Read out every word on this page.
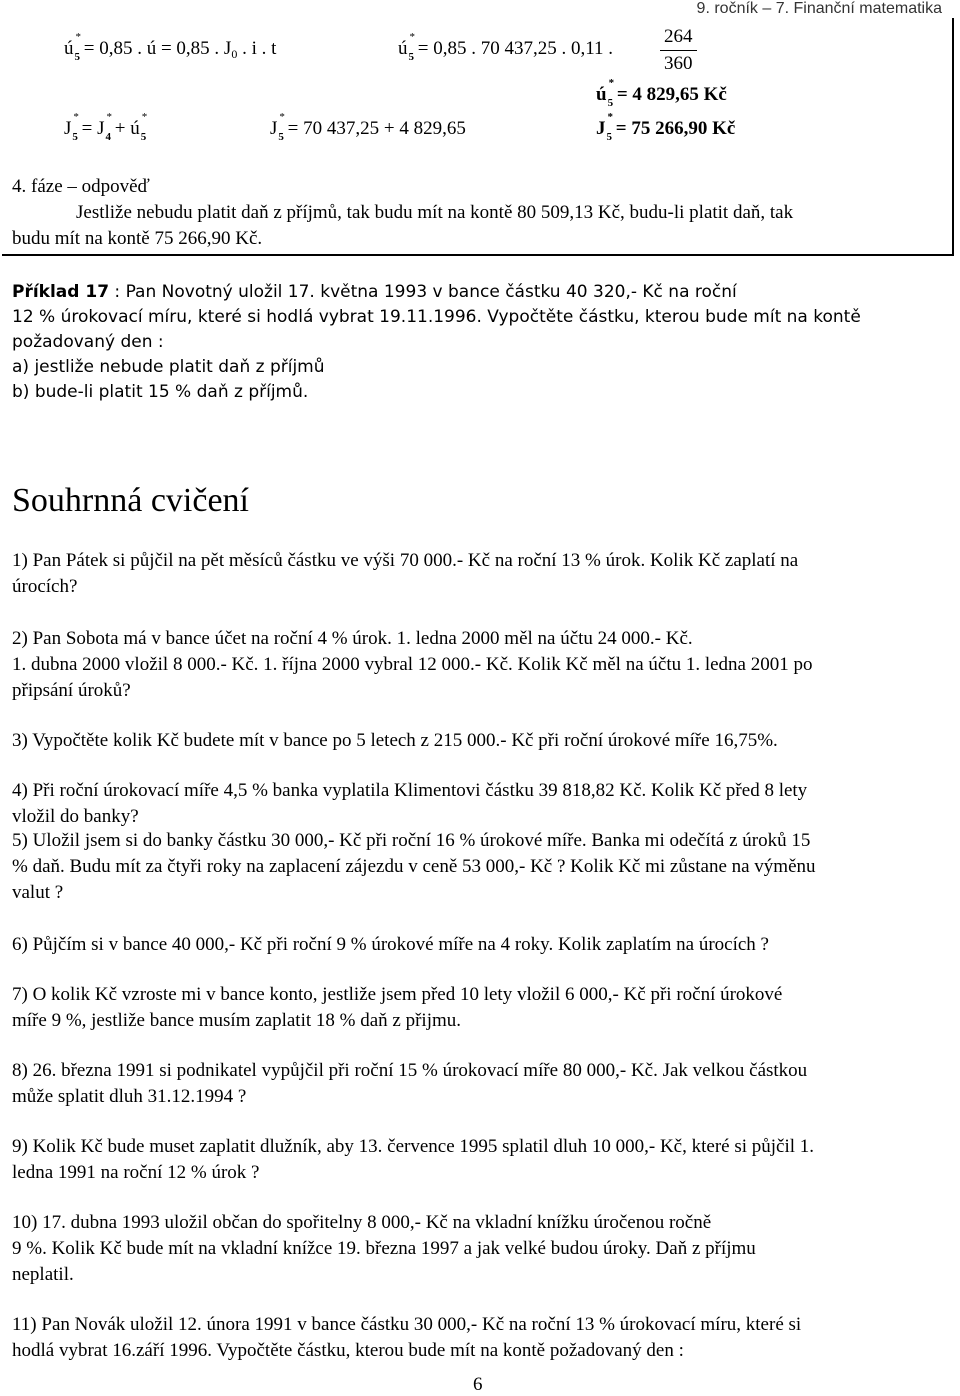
9. ročník – 7. Finanční matematika
ú
*
$_5$ = 0,85 . ú = 0,85 . $J_0$ . i . t	ú
*
$_5$ = 0,85 . 70 437,25 . 0,11 . $\frac{264}{360}$
ú
*
$_5$ = 4 829,65 Kč
J
*
$_5$ = J
*
$_4$ + ú
*
$_5$	J
*
$_5$ = 70 437,25 + 4 829,65	J
*
$_5$ = 75 266,90 Kč
4. fáze – odpověď
Jestliže nebudu platit daň z příjmů, tak budu mít na kontě 80 509,13 Kč, budu-li platit daň, tak
budu mít na kontě 75 266,90 Kč.
Příklad 17 : Pan Novotný uložil 17. května 1993 v bance částku 40 320,- Kč na roční
12 % úrokovací míru, které si hodlá vybrat 19.11.1996. Vypočtěte částku, kterou bude mít na kontě
požadovaný den :
a) jestliže nebude platit daň z příjmů
b) bude-li platit 15 % daň z příjmů.
Souhrnná cvičení
1) Pan Pátek si půjčil na pět měsíců částku ve výši 70 000.- Kč na roční 13 % úrok. Kolik Kč zaplatí na
úrocích?
2) Pan Sobota má v bance účet na roční 4 % úrok. 1. ledna 2000 měl na účtu 24 000.- Kč.
1. dubna 2000 vložil 8 000.- Kč. 1. října 2000 vybral 12 000.- Kč. Kolik Kč měl na účtu 1. ledna 2001 po
připsání úroků?
3) Vypočtěte kolik Kč budete mít v bance po 5 letech z 215 000.- Kč při roční úrokové míře 16,75%.
4) Při roční úrokovací míře 4,5 % banka vyplatila Klimentovi částku 39 818,82 Kč. Kolik Kč před 8 lety
vložil do banky?
5) Uložil jsem si do banky částku 30 000,- Kč při roční 16 % úrokové míře. Banka mi odečítá z úroků 15
% daň. Budu mít za čtyři roky na zaplacení zájezdu v ceně 53 000,- Kč ? Kolik Kč mi zůstane na výměnu
valut ?
6) Půjčím si v bance 40 000,- Kč při roční 9 % úrokové míře na 4 roky. Kolik zaplatím na úrocích ?
7) O kolik Kč vzroste mi v bance konto, jestliže jsem před 10 lety vložil 6 000,- Kč při roční úrokové
míře 9 %, jestliže bance musím zaplatit 18 % daň z přijmu.
8) 26. března 1991 si podnikatel vypůjčil při roční 15 % úrokovací míře 80 000,- Kč. Jak velkou částkou
může splatit dluh 31.12.1994 ?
9) Kolik Kč bude muset zaplatit dlužník, aby 13. července 1995 splatil dluh 10 000,- Kč, které si půjčil 1.
ledna 1991 na roční 12 % úrok ?
10) 17. dubna 1993 uložil občan do spořitelny 8 000,- Kč na vkladní knížku úročenou ročně
9 %. Kolik Kč bude mít na vkladní knížce 19. března 1997 a jak velké budou úroky. Daň z příjmu
neplatil.
11) Pan Novák uložil 12. února 1991 v bance částku 30 000,- Kč na roční 13 % úrokovací míru, které si
hodlá vybrat 16.září 1996. Vypočtěte částku, kterou bude mít na kontě požadovaný den :
6
